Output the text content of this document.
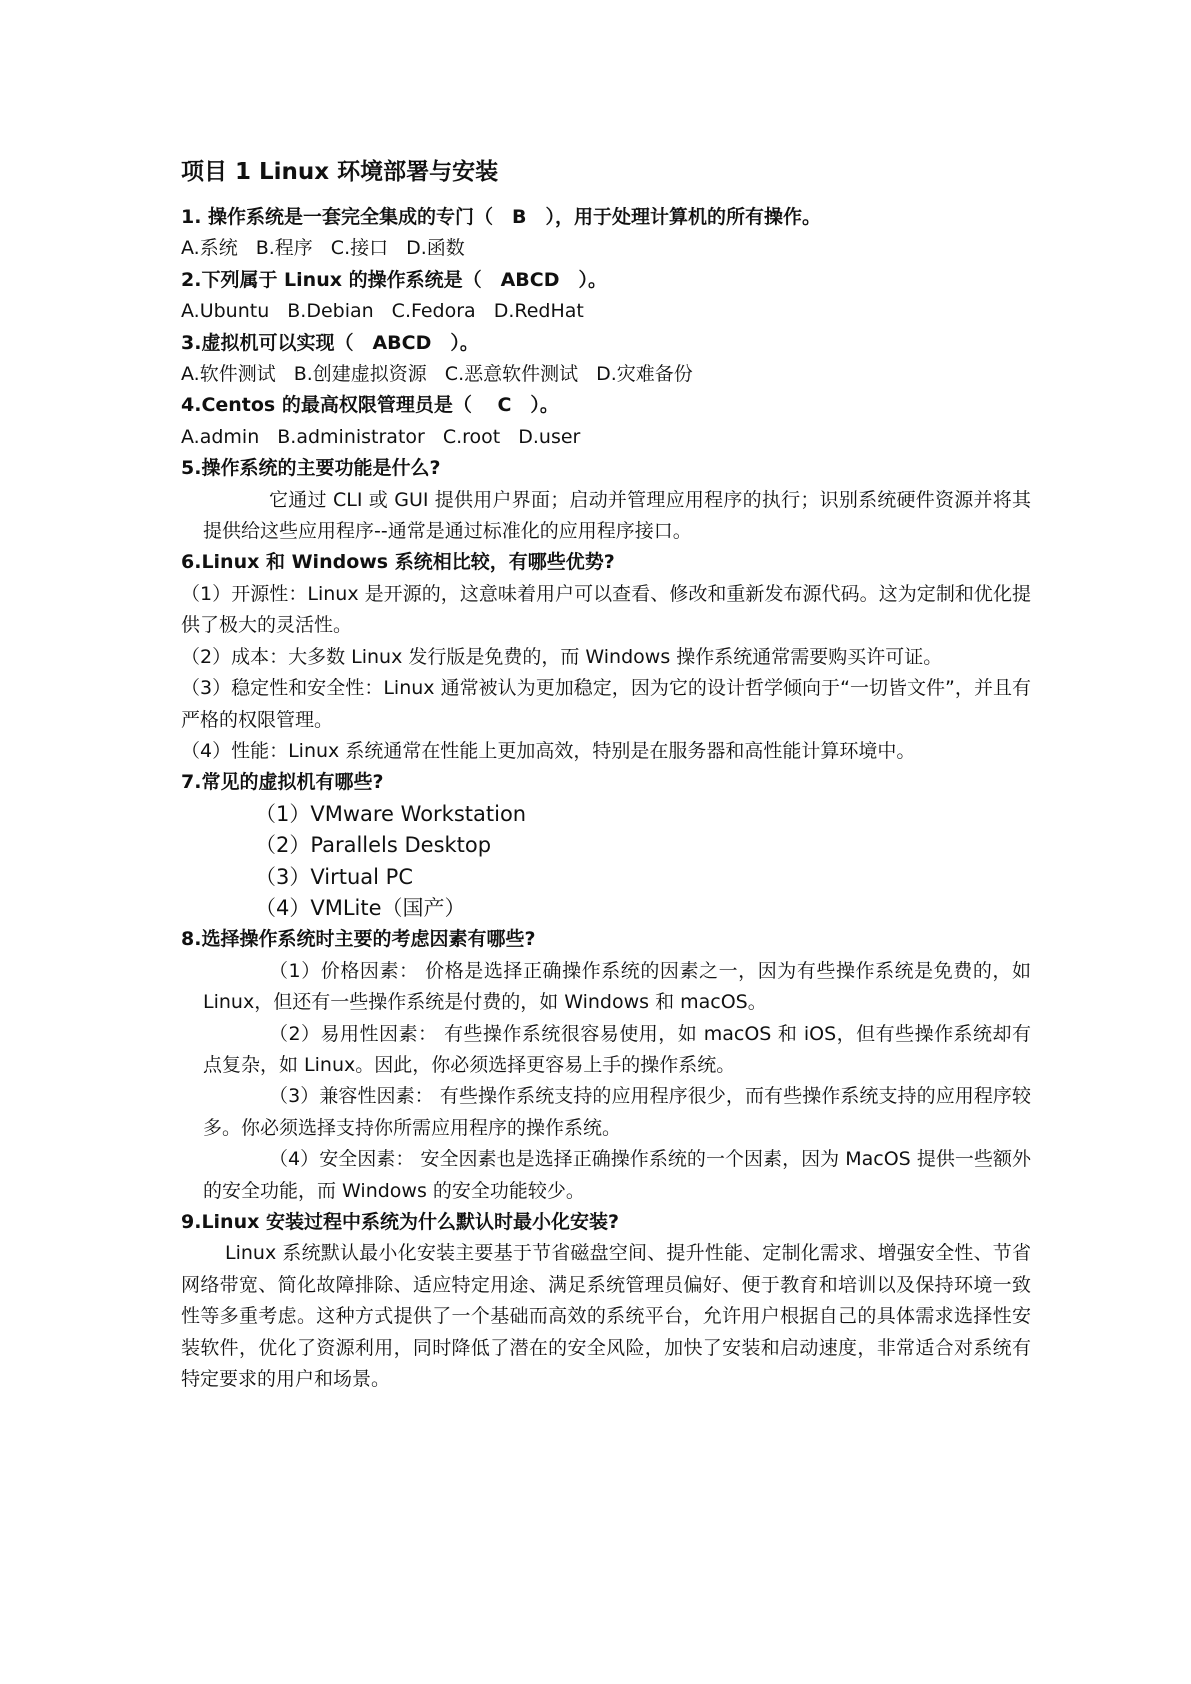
项目 1 Linux 环境部署与安装

1. 操作系统是一套完全集成的专门（　B　），用于处理计算机的所有操作。

A.系统 B.程序 C.接口 D.函数

2.下列属于 Linux 的操作系统是（　ABCD　）。

A.Ubuntu B.Debian C.Fedora D.RedHat

3.虚拟机可以实现（　ABCD　）。

A.软件测试 B.创建虚拟资源 C.恶意软件测试 D.灾难备份

4.Centos 的最高权限管理员是（　 C　）。

A.admin B.administrator C.root D.user

5.操作系统的主要功能是什么?

它通过 CLI 或 GUI 提供用户界面；启动并管理应用程序的执行；识别系统硬件资源并将其提供给这些应用程序--通常是通过标准化的应用程序接口。

6.Linux 和 Windows 系统相比较，有哪些优势?

（1）开源性：Linux 是开源的，这意味着用户可以查看、修改和重新发布源代码。这为定制和优化提供了极大的灵活性。

（2）成本：大多数 Linux 发行版是免费的，而 Windows 操作系统通常需要购买许可证。

（3）稳定性和安全性：Linux 通常被认为更加稳定，因为它的设计哲学倾向于“一切皆文件”，并且有严格的权限管理。

（4）性能：Linux 系统通常在性能上更加高效，特别是在服务器和高性能计算环境中。

7.常见的虚拟机有哪些?

（1）VMware Workstation

（2）Parallels Desktop

（3）Virtual PC

（4）VMLite（国产）

8.选择操作系统时主要的考虑因素有哪些?

（1）价格因素： 价格是选择正确操作系统的因素之一，因为有些操作系统是免费的，如 Linux，但还有一些操作系统是付费的，如 Windows 和 macOS。

（2）易用性因素： 有些操作系统很容易使用，如 macOS 和 iOS，但有些操作系统却有点复杂，如 Linux。因此，你必须选择更容易上手的操作系统。

（3）兼容性因素： 有些操作系统支持的应用程序很少，而有些操作系统支持的应用程序较多。你必须选择支持你所需应用程序的操作系统。

（4）安全因素： 安全因素也是选择正确操作系统的一个因素，因为 MacOS 提供一些额外的安全功能，而 Windows 的安全功能较少。

9.Linux 安装过程中系统为什么默认时最小化安装?

Linux 系统默认最小化安装主要基于节省磁盘空间、提升性能、定制化需求、增强安全性、节省网络带宽、简化故障排除、适应特定用途、满足系统管理员偏好、便于教育和培训以及保持环境一致性等多重考虑。这种方式提供了一个基础而高效的系统平台，允许用户根据自己的具体需求选择性安装软件，优化了资源利用，同时降低了潜在的安全风险，加快了安装和启动速度，非常适合对系统有特定要求的用户和场景。
